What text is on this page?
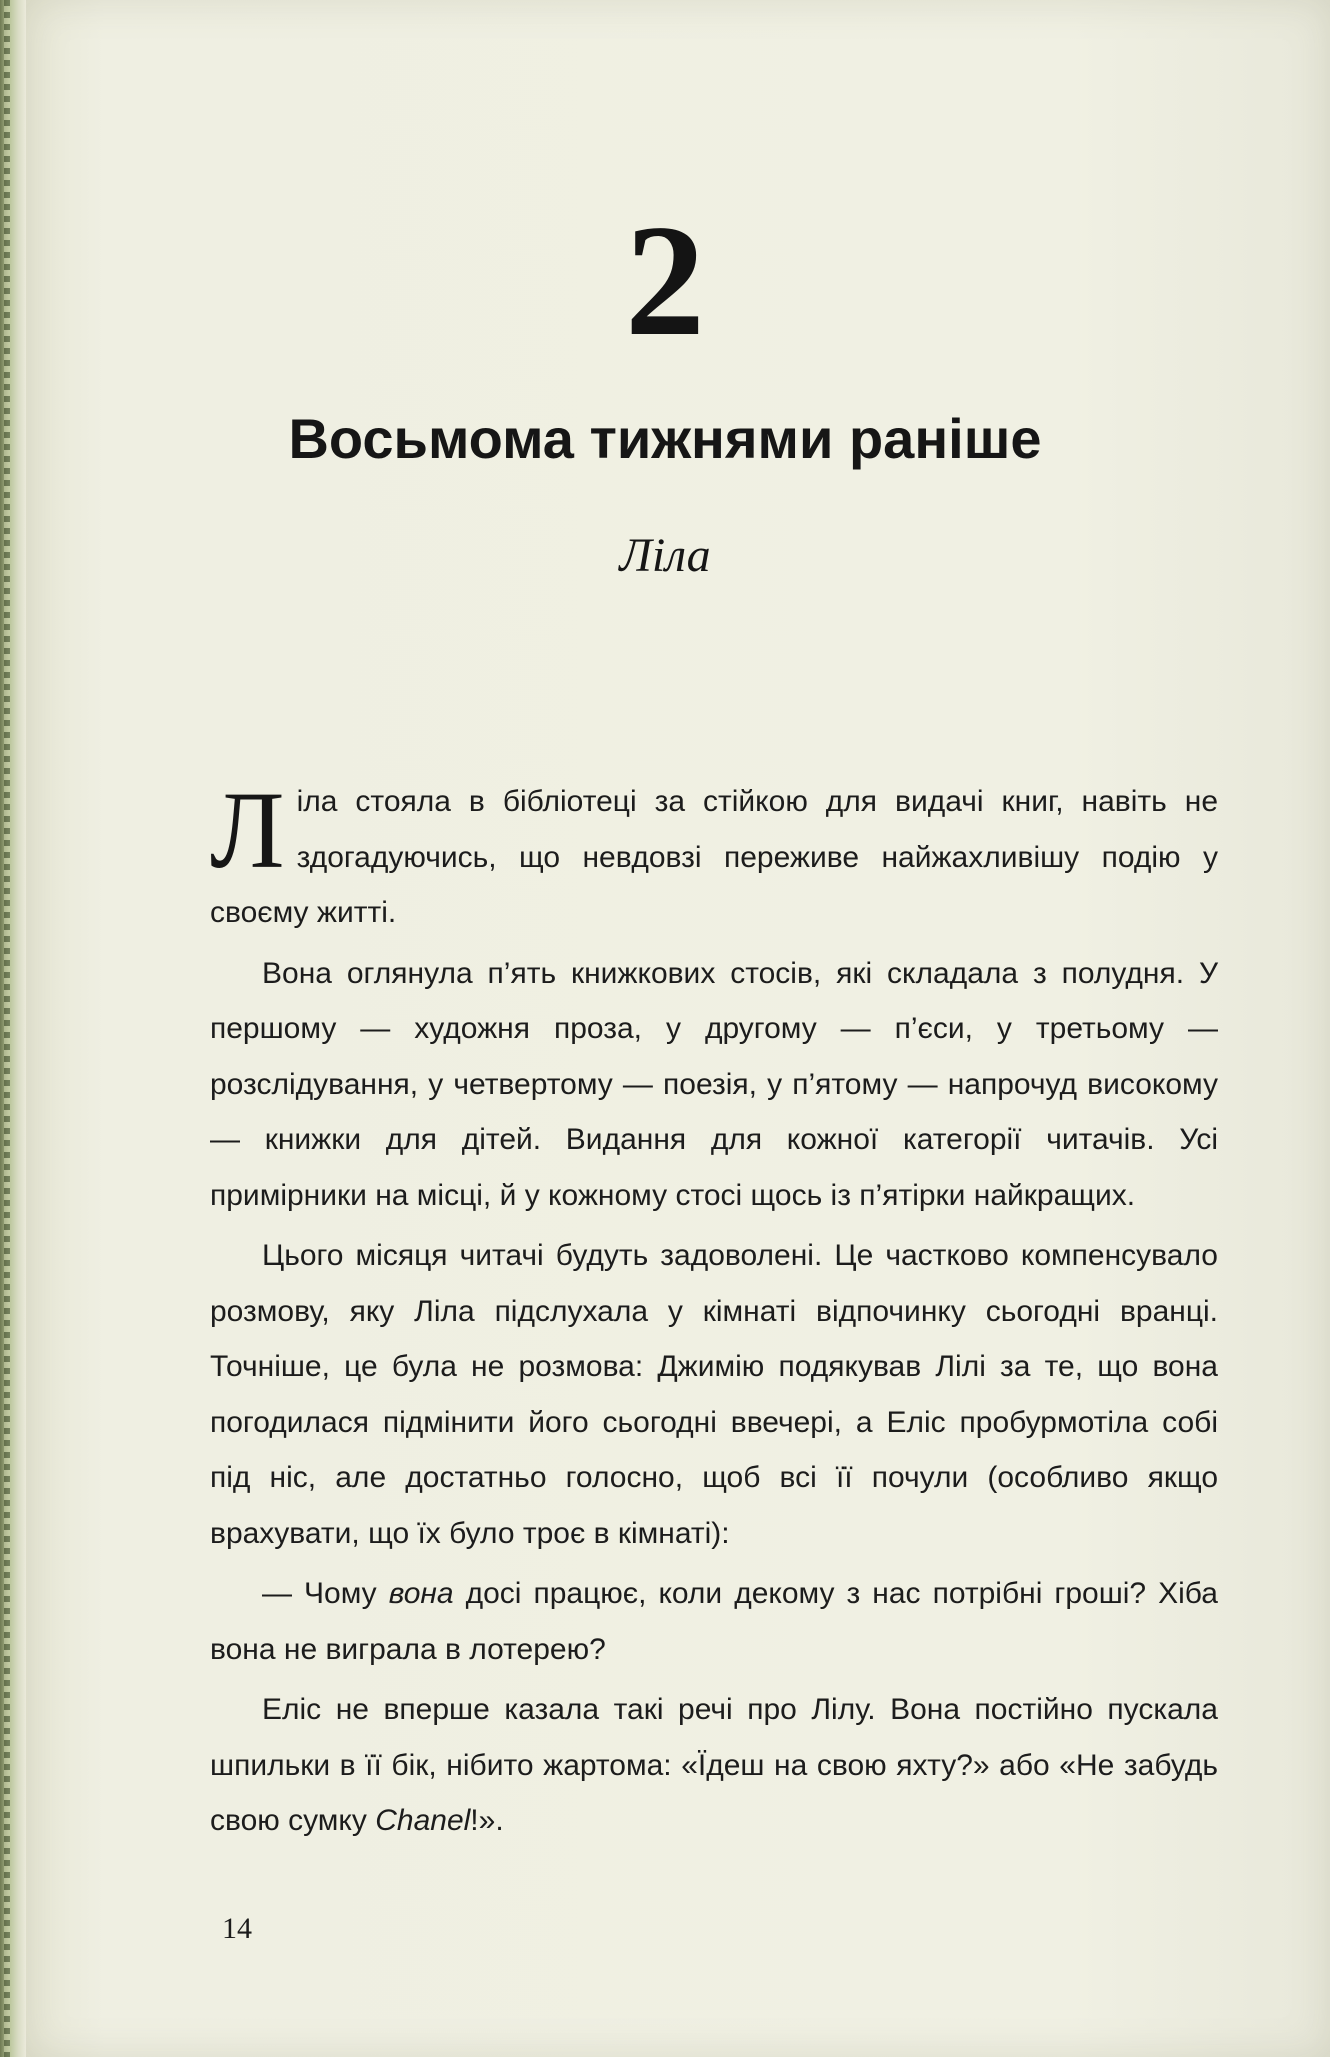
2
Восьмома тижнями раніше
Ліла

Ліла стояла в бібліотеці за стійкою для видачі книг, навіть не здогадуючись, що невдовзі переживе найжахливішу подію у своєму житті.

Вона оглянула п’ять книжкових стосів, які складала з полудня. У першому — художня проза, у другому — п’єси, у третьому — розслідування, у четвертому — поезія, у п’ятому — напрочуд високому — книжки для дітей. Видання для кожної категорії читачів. Усі примірники на місці, й у кожному стосі щось із п’ятірки найкращих.

Цього місяця читачі будуть задоволені. Це частково компенсувало розмову, яку Ліла підслухала у кімнаті відпочинку сьогодні вранці. Точніше, це була не розмова: Джимію подякував Лілі за те, що вона погодилася підмінити його сьогодні ввечері, а Еліс пробурмотіла собі під ніс, але достатньо голосно, щоб всі її почули (особливо якщо врахувати, що їх було троє в кімнаті):

— Чому вона досі працює, коли декому з нас потрібні гроші? Хіба вона не виграла в лотерею?

Еліс не вперше казала такі речі про Лілу. Вона постійно пускала шпильки в її бік, нібито жартома: «Їдеш на свою яхту?» або «Не забудь свою сумку Chanel!».

14
